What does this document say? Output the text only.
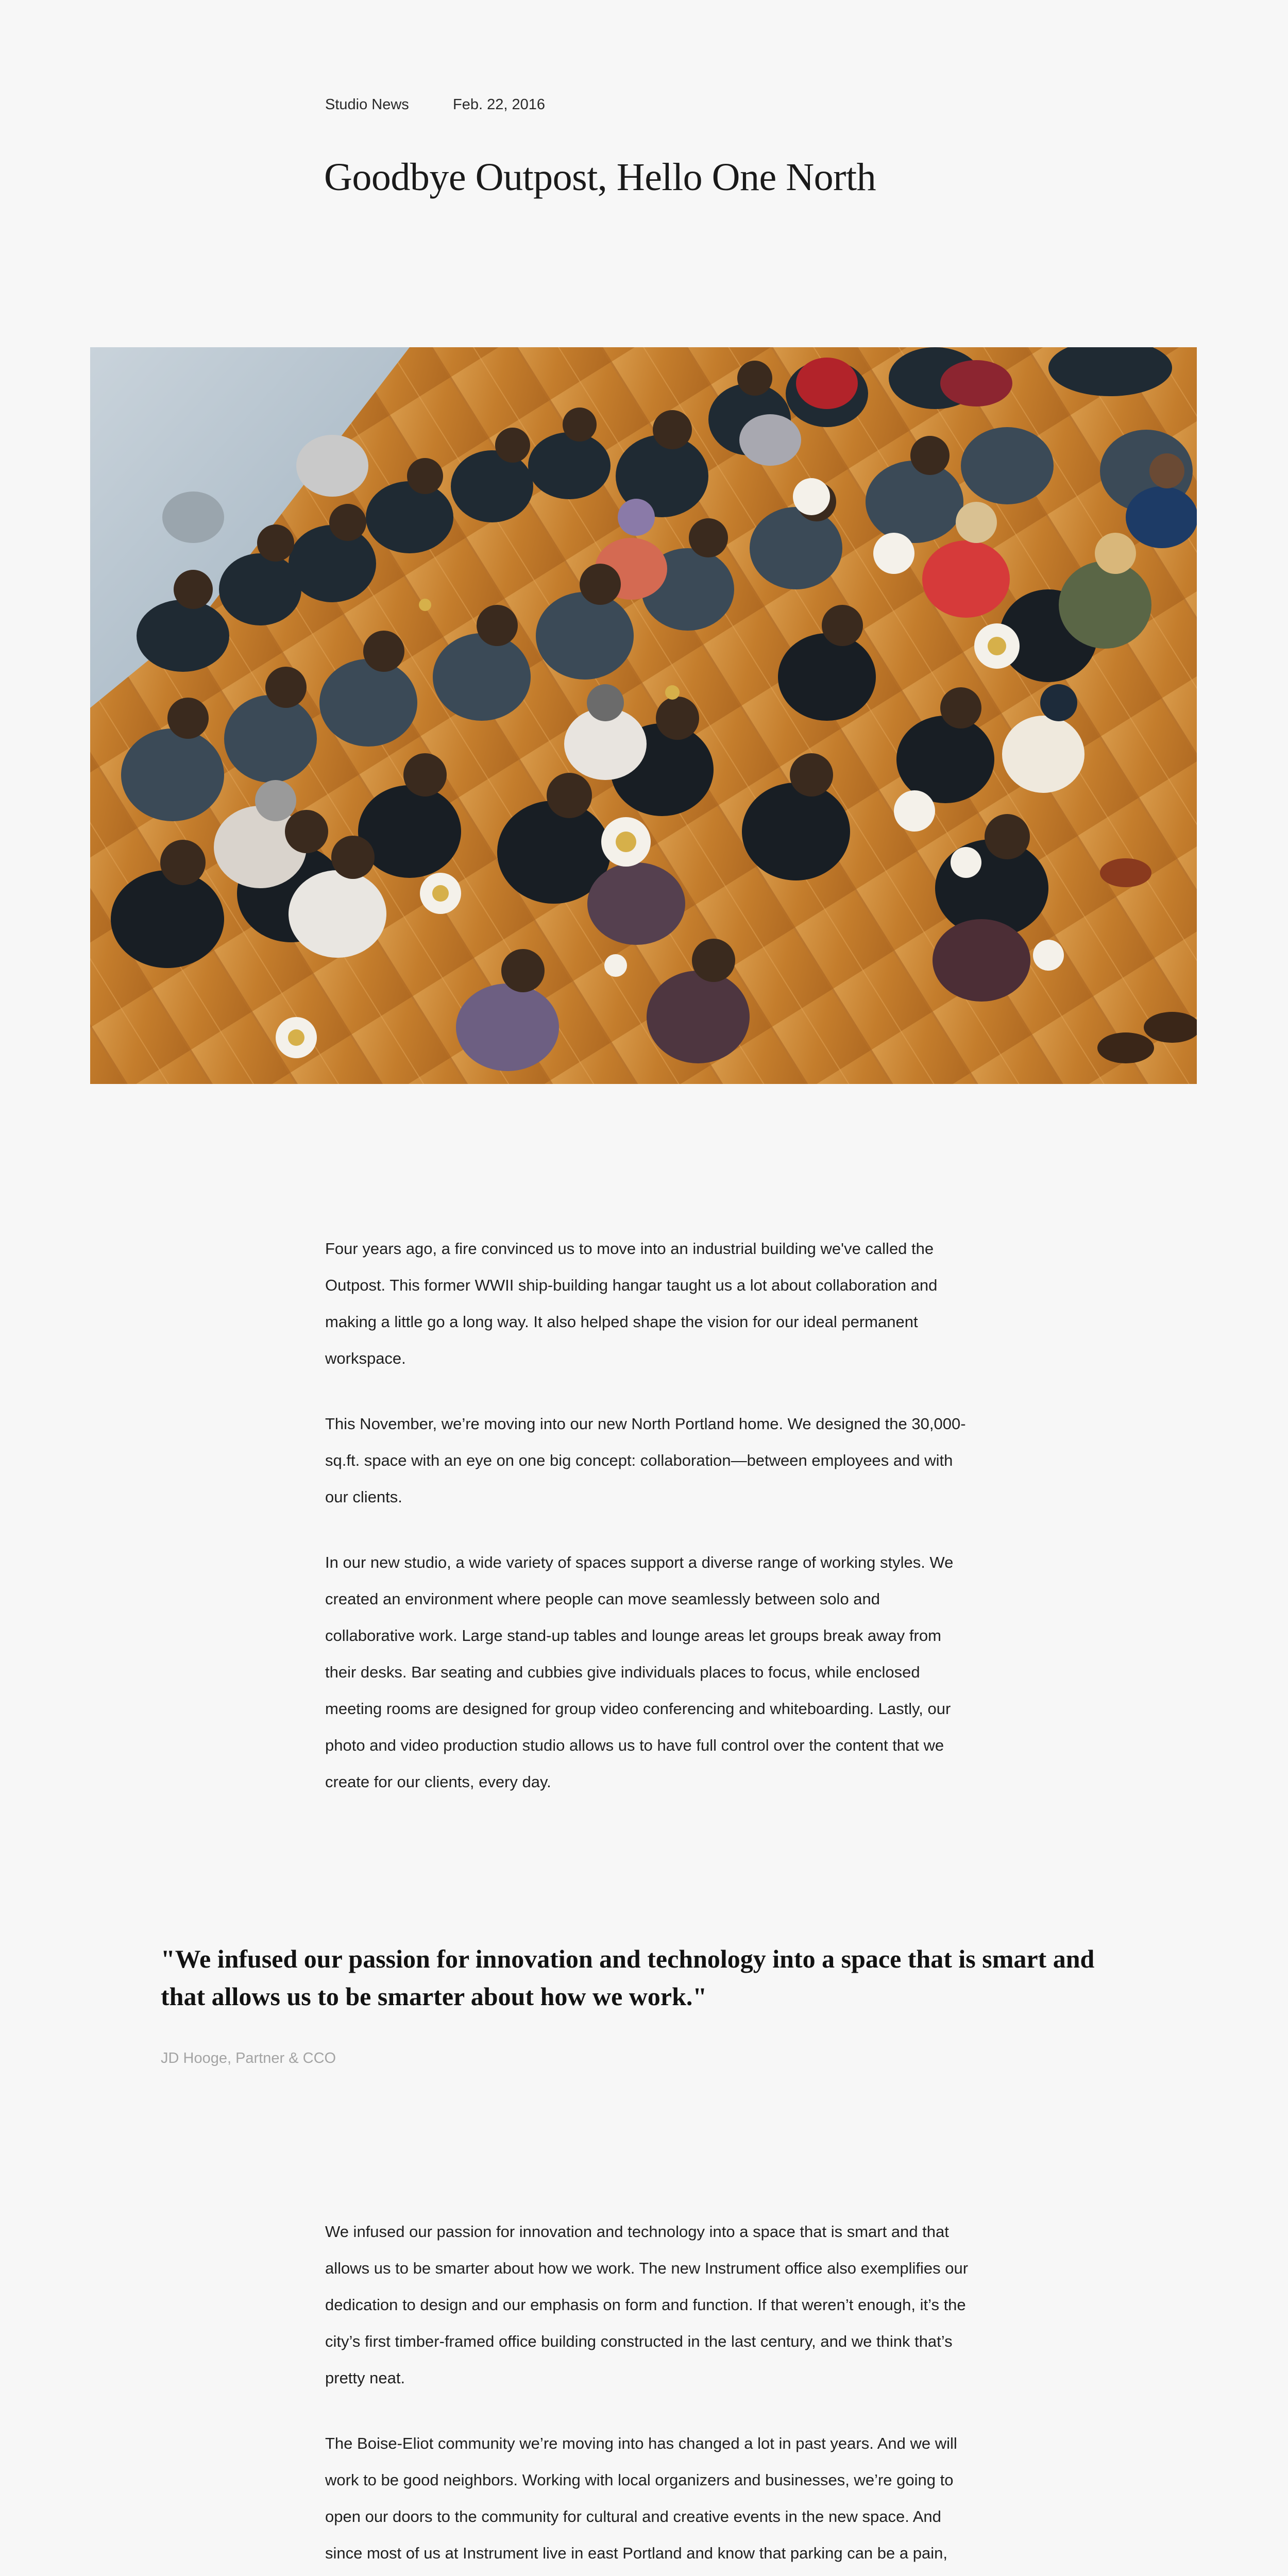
Studio News	Feb. 22, 2016
Goodbye Outpost, Hello One North

Four years ago, a fire convinced us to move into an industrial building we've called the Outpost. This former WWII ship-building hangar taught us a lot about collaboration and making a little go a long way. It also helped shape the vision for our ideal permanent workspace.

This November, we’re moving into our new North Portland home. We designed the 30,000-sq.ft. space with an eye on one big concept: collaboration—between employees and with our clients.

In our new studio, a wide variety of spaces support a diverse range of working styles. We created an environment where people can move seamlessly between solo and collaborative work. Large stand-up tables and lounge areas let groups break away from their desks. Bar seating and cubbies give individuals places to focus, while enclosed meeting rooms are designed for group video conferencing and whiteboarding. Lastly, our photo and video production studio allows us to have full control over the content that we create for our clients, every day.

"We infused our passion for innovation and technology into a space that is smart and that allows us to be smarter about how we work."
JD Hooge, Partner & CCO

We infused our passion for innovation and technology into a space that is smart and that allows us to be smarter about how we work. The new Instrument office also exemplifies our dedication to design and our emphasis on form and function. If that weren’t enough, it’s the city’s first timber-framed office building constructed in the last century, and we think that’s pretty neat.

The Boise-Eliot community we’re moving into has changed a lot in past years. And we will work to be good neighbors. Working with local organizers and businesses, we’re going to open our doors to the community for cultural and creative events in the new space. And since most of us at Instrument live in east Portland and know that parking can be a pain,
